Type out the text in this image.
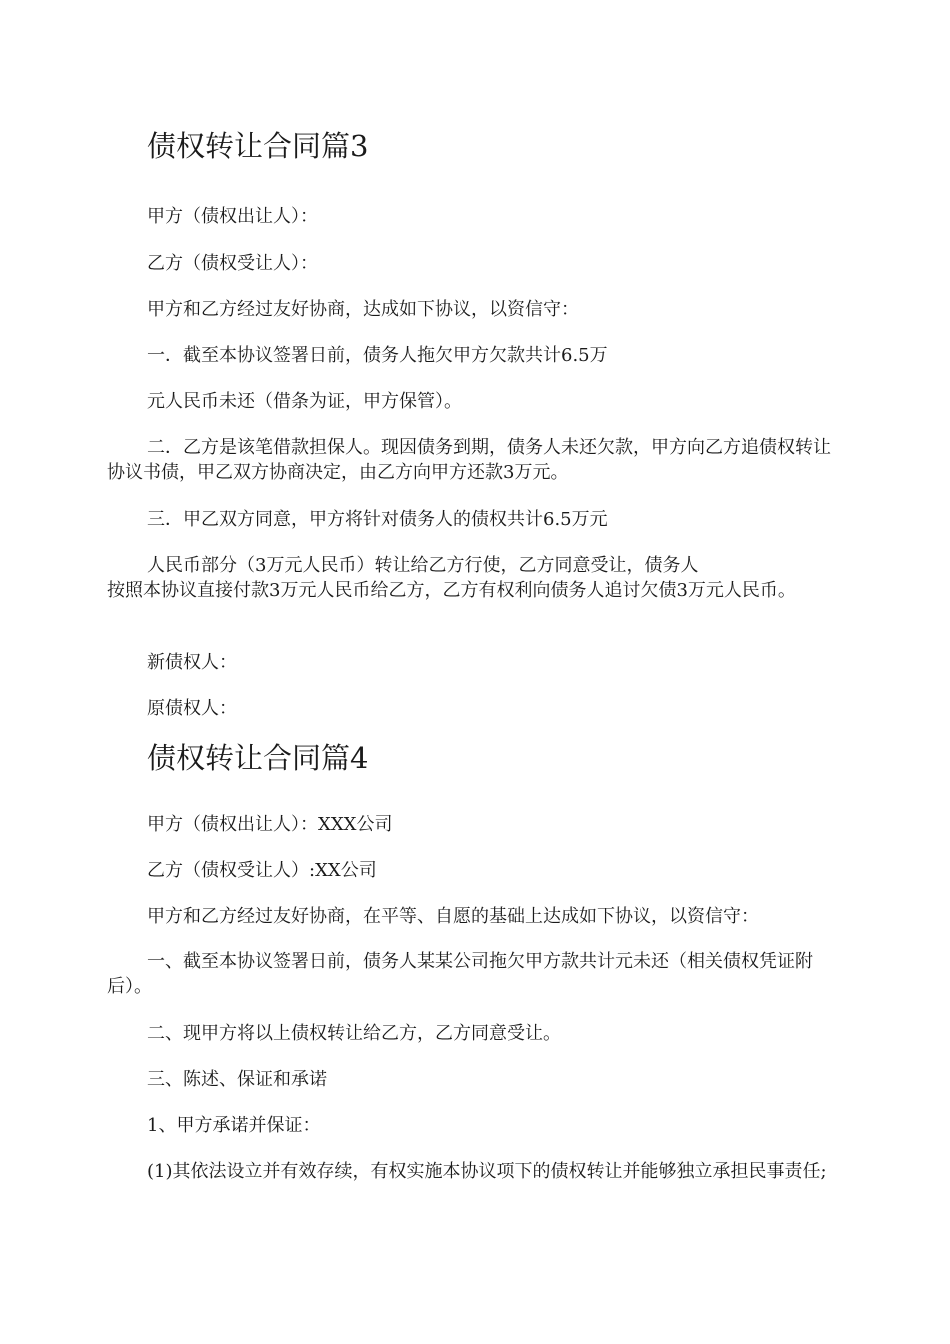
债权转让合同篇3

甲方（债权出让人）：

乙方（债权受让人）：

甲方和乙方经过友好协商，达成如下协议，以资信守：

一．截至本协议签署日前，债务人拖欠甲方欠款共计6.5万

元人民币未还（借条为证，甲方保管）。

二．乙方是该笔借款担保人。现因债务到期，债务人未还欠款，甲方向乙方追债权转让协议书债，甲乙双方协商决定，由乙方向甲方还款3万元。

三．甲乙双方同意，甲方将针对债务人的债权共计6.5万元

人民币部分（3万元人民币）转让给乙方行使，乙方同意受让，债务人

按照本协议直接付款3万元人民币给乙方，乙方有权利向债务人追讨欠债3万元人民币。

新债权人：

原债权人：

债权转让合同篇4

甲方（债权出让人）：XXX公司

乙方（债权受让人）:XX公司

甲方和乙方经过友好协商，在平等、自愿的基础上达成如下协议，以资信守：

一、截至本协议签署日前，债务人某某公司拖欠甲方款共计元未还（相关债权凭证附后）。

二、现甲方将以上债权转让给乙方，乙方同意受让。

三、陈述、保证和承诺

1、甲方承诺并保证：

(1)其依法设立并有效存续，有权实施本协议项下的债权转让并能够独立承担民事责任;
